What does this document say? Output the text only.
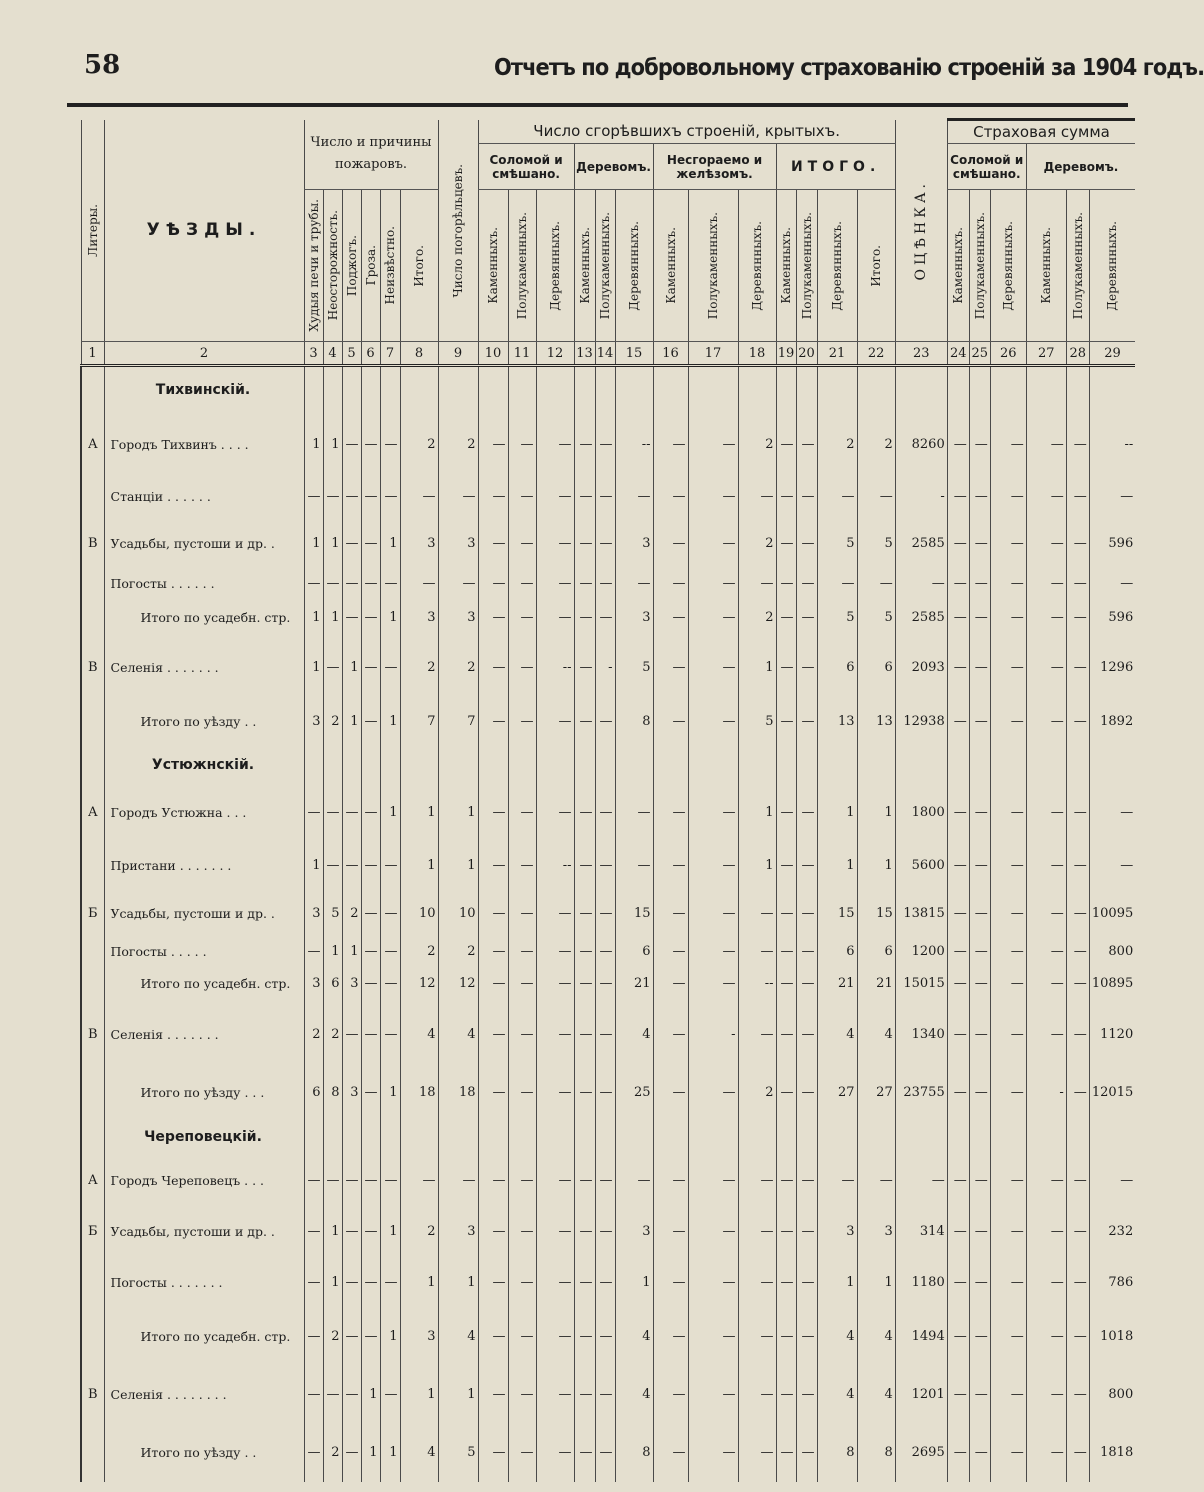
58	Отчетъ по добровольному страхованію строеній за 1904 годъ.
Литеры.	УѢЗДЫ.	Число и причины пожаровъ.						Число погорѣльцевъ.	Число сгорѣвшихъ строеній, крытыхъ.													ОЦѢНКА.	Страховая сумма					
									Соломой и смѣшано.			Деревомъ.			Несгораемо и желѣзомъ.			ИТОГО.					Соломой и смѣшано.			Деревомъ.		

		Худыя печи и трубы.	Неосторожность.	Поджогъ.	Гроза.	Неизвѣстно.	Итого.		Каменныхъ.	Полукаменныхъ.	Деревянныхъ.	Каменныхъ.	Полукаменныхъ.	Деревянныхъ.	Каменныхъ.	Полукаменныхъ.	Деревянныхъ.	Каменныхъ.	Полукаменныхъ.	Деревянныхъ.	Итого.		Каменныхъ.	Полукаменныхъ.	Деревянныхъ.	Каменныхъ.	Полукаменныхъ.	Деревянныхъ.

1	2	3	4	5	6	7	8	9	10	11	12	13	14	15	16	17	18	19	20	21	22	23	24	25	26	27	28	29
	Тихвинскій.																											
А	Городъ Тихвинъ . . . .	1	1	—	—	—	2	2	—	—	—	—	—	--	—	—	2	—	—	2	2	8260	—	—	—	—	—	--
	Станціи . . . . . .	—	—	—	—	—	—	—	—	—	—	—	—	—	—	—	—	—	—	—	—	-	—	—	—	—	—	—
В	Усадьбы, пустоши и др. .	1	1	—	—	1	3	3	—	—	—	—	—	3	—	—	2	—	—	5	5	2585	—	—	—	—	—	596
	Погосты . . . . . .	—	—	—	—	—	—	—	—	—	—	—	—	—	—	—	—	—	—	—	—	—	—	—	—	—	—	—
	Итого по усадебн. стр.	1	1	—	—	1	3	3	—	—	—	—	—	3	—	—	2	—	—	5	5	2585	—	—	—	—	—	596
В	Селенія . . . . . . .	1	—	1	—	—	2	2	—	—	--	—	-	5	—	—	1	—	—	6	6	2093	—	—	—	—	—	1296
	Итого по уѣзду . .	3	2	1	—	1	7	7	—	—	—	—	—	8	—	—	5	—	—	13	13	12938	—	—	—	—	—	1892
	Устюжнскій.																											
А	Городъ Устюжна . . .	—	—	—	—	1	1	1	—	—	—	—	—	—	—	—	1	—	—	1	1	1800	—	—	—	—	—	—
	Пристани . . . . . . .	1	—	—	—	—	1	1	—	—	--	—	—	—	—	—	1	—	—	1	1	5600	—	—	—	—	—	—
Б	Усадьбы, пустоши и др. .	3	5	2	—	—	10	10	—	—	—	—	—	15	—	—	—	—	—	15	15	13815	—	—	—	—	—	10095
	Погосты . . . . .	—	1	1	—	—	2	2	—	—	—	—	—	6	—	—	—	—	—	6	6	1200	—	—	—	—	—	800
	Итого по усадебн. стр.	3	6	3	—	—	12	12	—	—	—	—	—	21	—	—	--	—	—	21	21	15015	—	—	—	—	—	10895
В	Селенія . . . . . . .	2	2	—	—	—	4	4	—	—	—	—	—	4	—	-	—	—	—	4	4	1340	—	—	—	—	—	1120
	Итого по уѣзду . . .	6	8	3	—	1	18	18	—	—	—	—	—	25	—	—	2	—	—	27	27	23755	—	—	—	-	—	12015
	Череповецкій.																											
А	Городъ Череповецъ . . .	—	—	—	—	—	—	—	—	—	—	—	—	—	—	—	—	—	—	—	—	—	—	—	—	—	—	—
Б	Усадьбы, пустоши и др. .	—	1	—	—	1	2	3	—	—	—	—	—	3	—	—	—	—	—	3	3	314	—	—	—	—	—	232
	Погосты . . . . . . .	—	1	—	—	—	1	1	—	—	—	—	—	1	—	—	—	—	—	1	1	1180	—	—	—	—	—	786
	Итого по усадебн. стр.	—	2	—	—	1	3	4	—	—	—	—	—	4	—	—	—	—	—	4	4	1494	—	—	—	—	—	1018
В	Селенія . . . . . . . .	—	—	—	1	—	1	1	—	—	—	—	—	4	—	—	—	—	—	4	4	1201	—	—	—	—	—	800
	Итого по уѣзду . .	—	2	—	1	1	4	5	—	—	—	—	—	8	—	—	—	—	—	8	8	2695	—	—	—	—	—	1818
